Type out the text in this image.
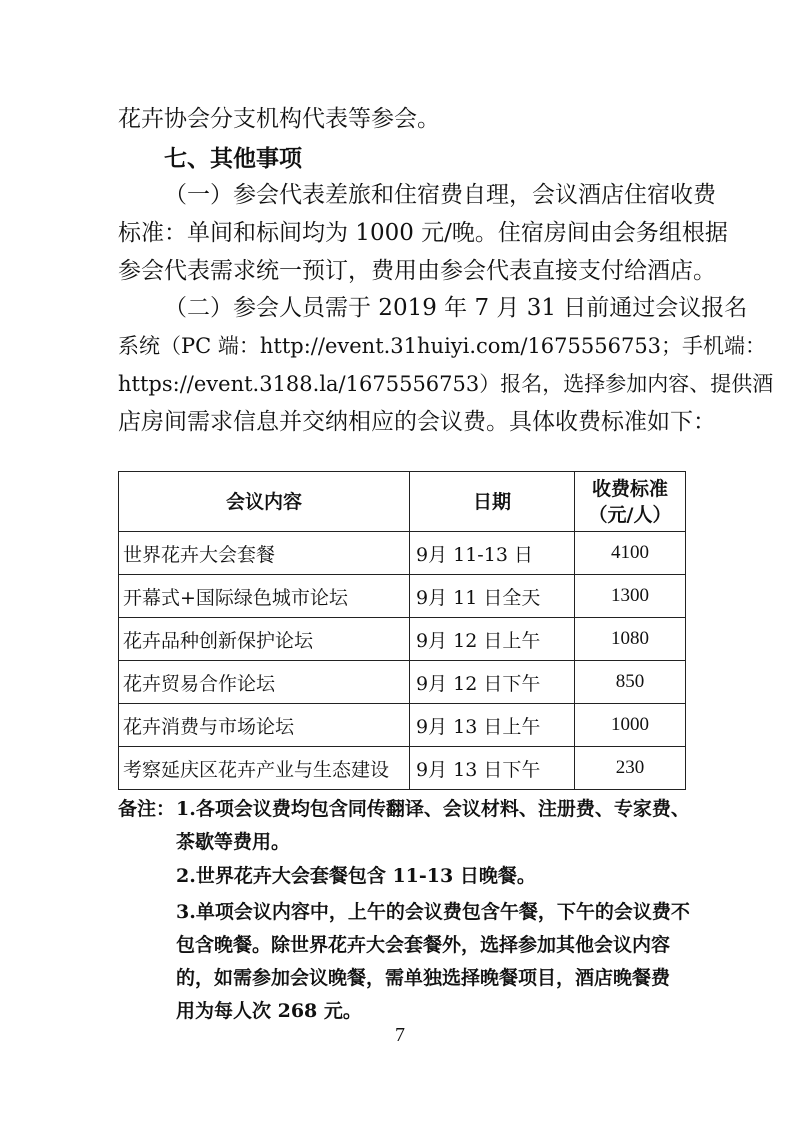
花卉协会分支机构代表等参会。
七、其他事项
（一）参会代表差旅和住宿费自理，会议酒店住宿收费
标准：单间和标间均为 1000 元/晚。住宿房间由会务组根据
参会代表需求统一预订，费用由参会代表直接支付给酒店。
（二）参会人员需于 2019 年 7 月 31 日前通过会议报名
系统（PC 端：http://event.31huiyi.com/1675556753；手机端：
https://event.3188.la/1675556753）报名，选择参加内容、提供酒
店房间需求信息并交纳相应的会议费。具体收费标准如下：
会议内容	日期	收费标准
（元/人）

世界花卉大会套餐	9月 11-13 日	4100
开幕式+国际绿色城市论坛	9月 11 日全天	1300
花卉品种创新保护论坛	9月 12 日上午	1080
花卉贸易合作论坛	9月 12 日下午	850
花卉消费与市场论坛	9月 13 日上午	1000
考察延庆区花卉产业与生态建设	9月 13 日下午	230
备注： 1.各项会议费均包含同传翻译、会议材料、注册费、专家费、
茶歇等费用。
2.世界花卉大会套餐包含 11-13 日晚餐。
3.单项会议内容中，上午的会议费包含午餐，下午的会议费不
包含晚餐。除世界花卉大会套餐外，选择参加其他会议内容
的，如需参加会议晚餐，需单独选择晚餐项目，酒店晚餐费
用为每人次 268 元。
7
